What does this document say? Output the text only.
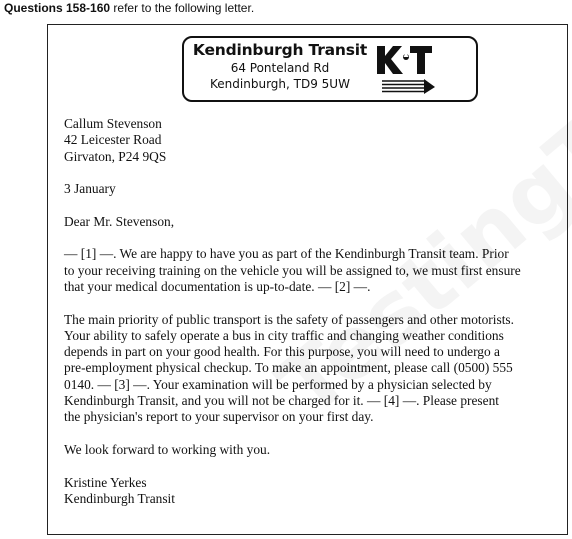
Questions 158-160 refer to the following letter.
Kendinburgh Transit
64 Ponteland Rd
Kendinburgh, TD9 5UW
Callum Stevenson
42 Leicester Road
Girvaton, P24 9QS
3 January
Dear Mr. Stevenson,
— [1] —. We are happy to have you as part of the Kendinburgh Transit team. Prior
to your receiving training on the vehicle you will be assigned to, we must first ensure
that your medical documentation is up-to-date. — [2] —.
The main priority of public transport is the safety of passengers and other motorists.
Your ability to safely operate a bus in city traffic and changing weather conditions
depends in part on your good health. For this purpose, you will need to undergo a
pre-employment physical checkup. To make an appointment, please call (0500) 555
0140. — [3] —. Your examination will be performed by a physician selected by
Kendinburgh Transit, and you will not be charged for it. — [4] —. Please present
the physician's report to your supervisor on your first day.
We look forward to working with you.
Kristine Yerkes
Kendinburgh Transit
